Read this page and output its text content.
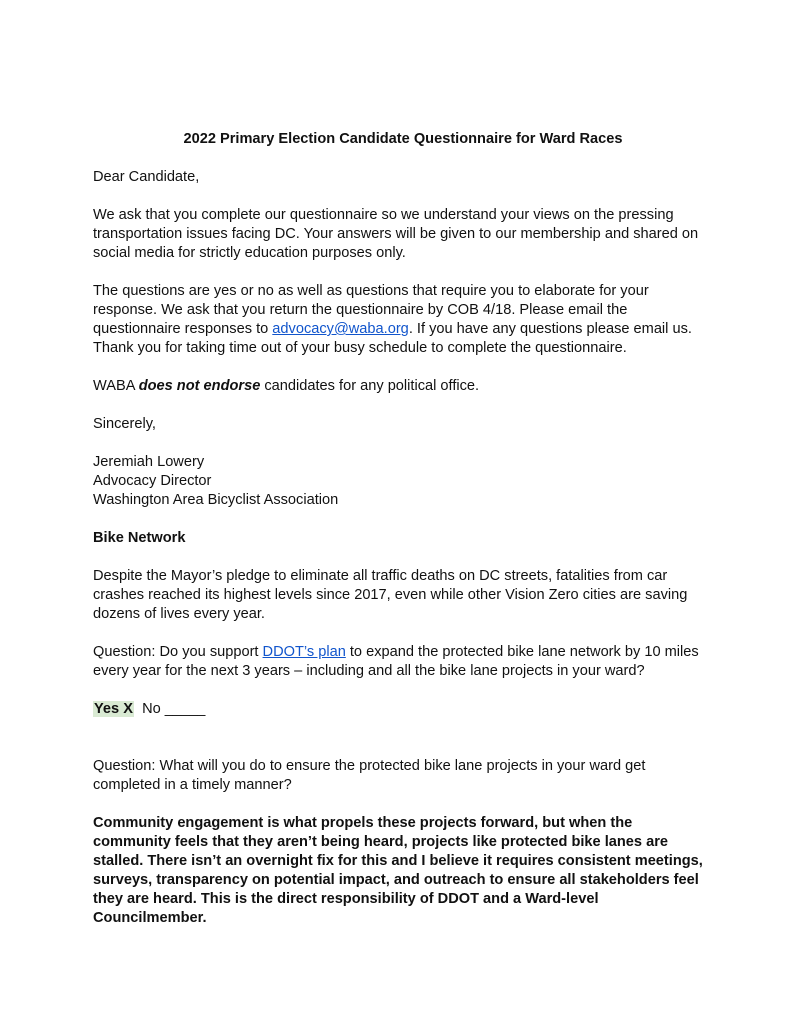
2022 Primary Election Candidate Questionnaire for Ward Races

Dear Candidate,

We ask that you complete our questionnaire so we understand your views on the pressing transportation issues facing DC. Your answers will be given to our membership and shared on social media for strictly education purposes only.

The questions are yes or no as well as questions that require you to elaborate for your
response. We ask that you return the questionnaire by COB 4/18. Please email the
questionnaire responses to advocacy@waba.org. If you have any questions please email us.
Thank you for taking time out of your busy schedule to complete the questionnaire.

WABA does not endorse candidates for any political office.

Sincerely,

Jeremiah Lowery
Advocacy Director
Washington Area Bicyclist Association

Bike Network

Despite the Mayor’s pledge to eliminate all traffic deaths on DC streets, fatalities from car crashes reached its highest levels since 2017, even while other Vision Zero cities are saving dozens of lives every year.

Question: Do you support DDOT’s plan to expand the protected bike lane network by 10 miles
every year for the next 3 years – including and all the bike lane projects in your ward?

Yes X No _____

Question: What will you do to ensure the protected bike lane projects in your ward get completed in a timely manner?

Community engagement is what propels these projects forward, but when the community feels that they aren’t being heard, projects like protected bike lanes are stalled. There isn’t an overnight fix for this and I believe it requires consistent meetings, surveys, transparency on potential impact, and outreach to ensure all stakeholders feel they are heard. This is the direct responsibility of DDOT and a Ward-level Councilmember.
